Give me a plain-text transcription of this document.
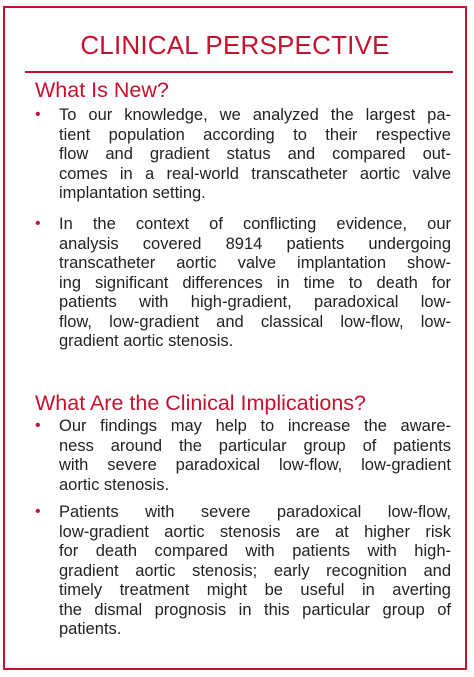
CLINICAL PERSPECTIVE
What Is New?
• To our knowledge, we analyzed the largest pa-
tient population according to their respective
flow and gradient status and compared out-
comes in a real-world transcatheter aortic valve
implantation setting.
• In the context of conflicting evidence, our
analysis covered 8914 patients undergoing
transcatheter aortic valve implantation show-
ing significant differences in time to death for
patients with high-gradient, paradoxical low-
flow, low-gradient and classical low-flow, low-
gradient aortic stenosis.
What Are the Clinical Implications?
• Our findings may help to increase the aware-
ness around the particular group of patients
with severe paradoxical low-flow, low-gradient
aortic stenosis.
• Patients with severe paradoxical low-flow,
low-gradient aortic stenosis are at higher risk
for death compared with patients with high-
gradient aortic stenosis; early recognition and
timely treatment might be useful in averting
the dismal prognosis in this particular group of
patients.
